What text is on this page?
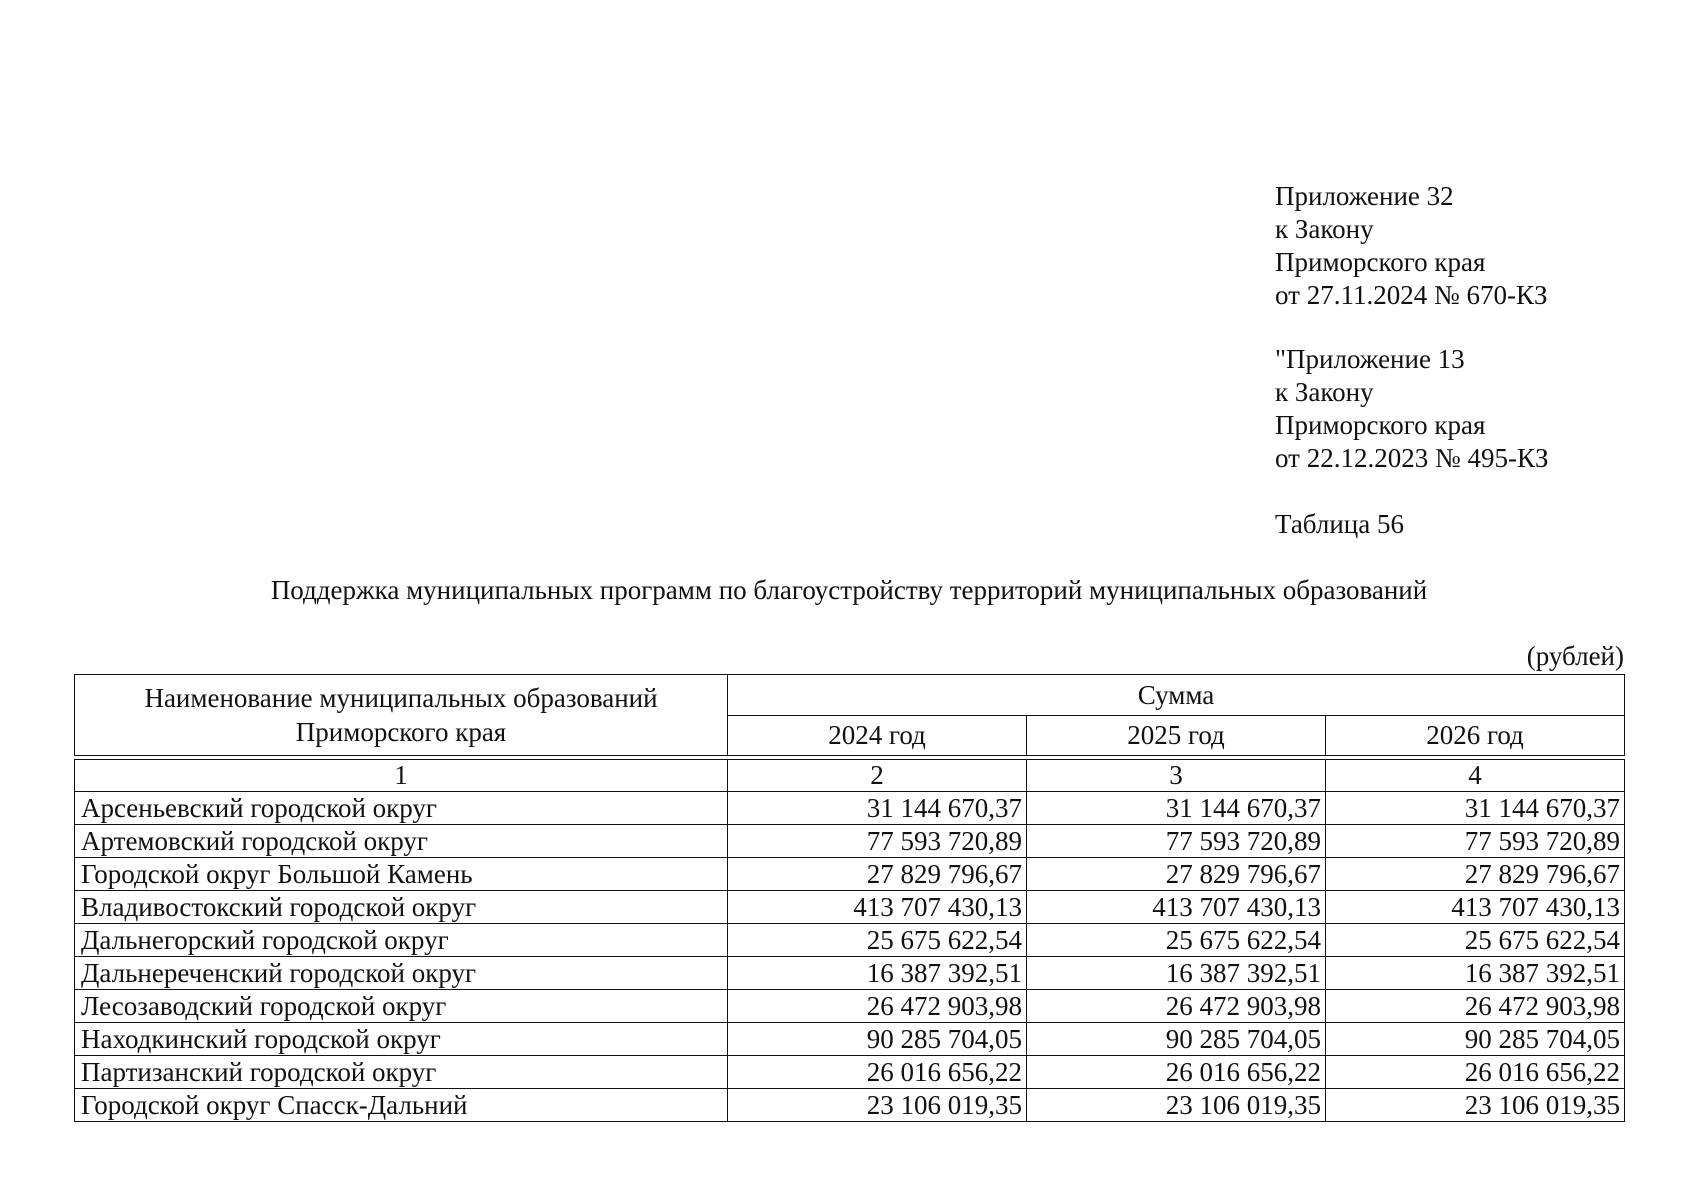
Приложение 32
к Закону
Приморского края
от 27.11.2024 № 670-КЗ
"Приложение 13
к Закону
Приморского края
от 22.12.2023 № 495-КЗ
Таблица 56
Поддержка муниципальных программ по благоустройству территорий муниципальных образований
(рублей)
Наименование муниципальных образований Приморского края	Сумма		
	2024 год	2025 год	2026 год

1	2	3	4
Арсеньевский городской округ	31 144 670,37	31 144 670,37	31 144 670,37
Артемовский городской округ	77 593 720,89	77 593 720,89	77 593 720,89
Городской округ Большой Камень	27 829 796,67	27 829 796,67	27 829 796,67
Владивостокский городской округ	413 707 430,13	413 707 430,13	413 707 430,13
Дальнегорский городской округ	25 675 622,54	25 675 622,54	25 675 622,54
Дальнереченский городской округ	16 387 392,51	16 387 392,51	16 387 392,51
Лесозаводский городской округ	26 472 903,98	26 472 903,98	26 472 903,98
Находкинский городской округ	90 285 704,05	90 285 704,05	90 285 704,05
Партизанский городской округ	26 016 656,22	26 016 656,22	26 016 656,22
Городской округ Спасск-Дальний	23 106 019,35	23 106 019,35	23 106 019,35
